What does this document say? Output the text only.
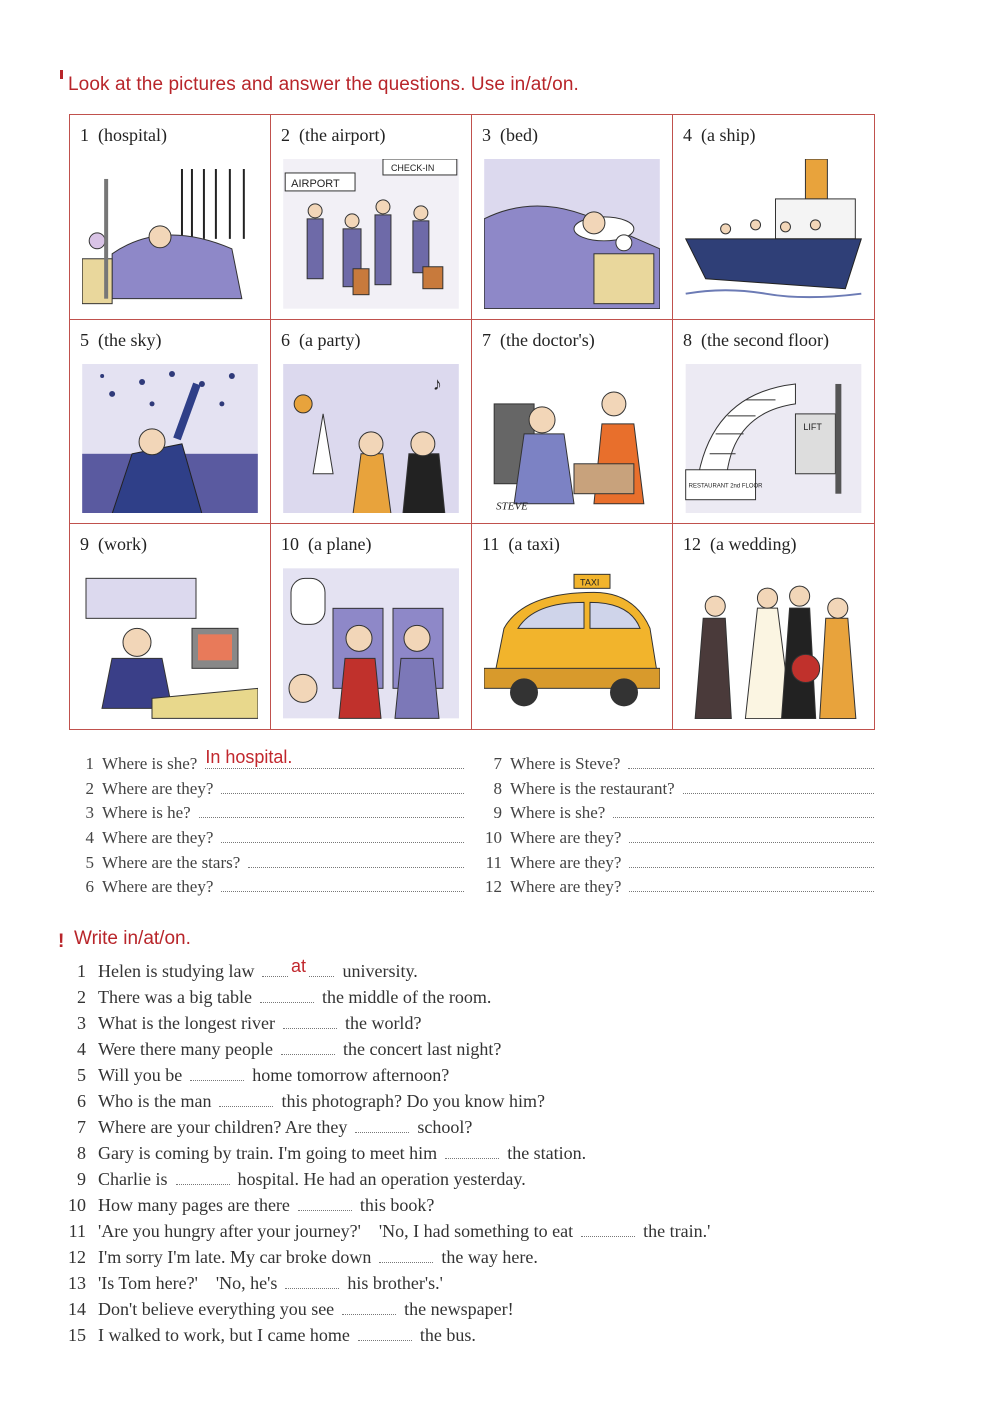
Look at the pictures and answer the questions. Use in/at/on.
1 (hospital)	2 (the airport)
AIRPORT
CHECK-IN
3 (bed)	4 (a ship)
5 (the sky)	6 (a party)
♪
7 (the doctor's)
STEVE
8 (the second floor)
LIFT
RESTAURANT 2nd FLOOR
9 (work)	10 (a plane)	11 (a taxi)
TAXI
12 (a wedding)
1 Where is she? In hospital.
2 Where are they?
3 Where is he?
4 Where are they?
5 Where are the stars?
6 Where are they?
7 Where is Steve?
8 Where is the restaurant?
9 Where is she?
10 Where are they?
11 Where are they?
12 Where are they?
! Write in/at/on.
1 Helen is studying law at university.
2 There was a big table	the middle of the room.
3 What is the longest river	the world?
4 Were there many people	the concert last night?
5 Will you be	home tomorrow afternoon?
6 Who is the man	this photograph? Do you know him?
7 Where are your children? Are they	school?
8 Gary is coming by train. I'm going to meet him	the station.
9 Charlie is	hospital. He had an operation yesterday.
10 How many pages are there	this book?
11 'Are you hungry after your journey?'    'No, I had something to eat	the train.'
12 I'm sorry I'm late. My car broke down	the way here.
13 'Is Tom here?'    'No, he's	his brother's.'
14 Don't believe everything you see	the newspaper!
15 I walked to work, but I came home	the bus.
